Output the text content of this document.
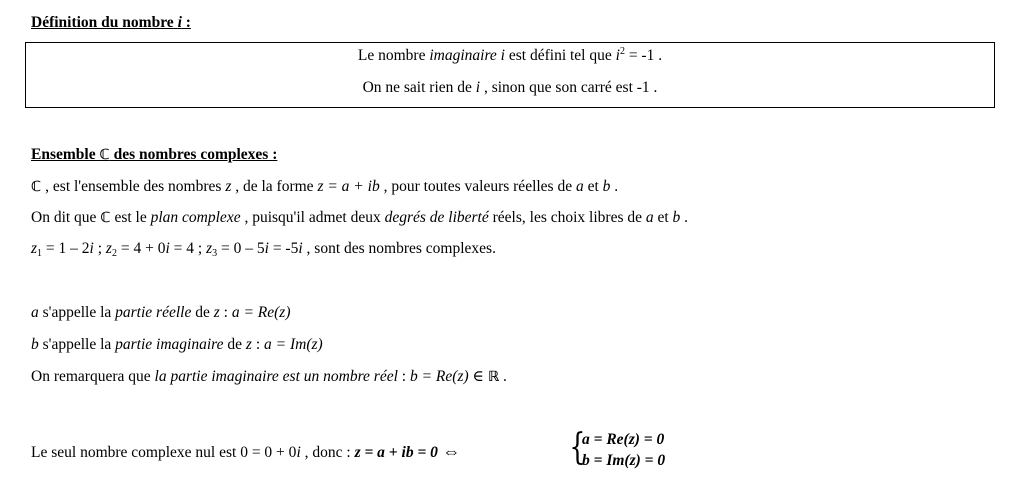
Définition du nombre i :
Le nombre imaginaire i est défini tel que $i^2 = -1$ .
On ne sait rien de i , sinon que son carré est -1 .
Ensemble ℂ des nombres complexes :
ℂ , est l'ensemble des nombres z , de la forme z = a + ib , pour toutes valeurs réelles de a et b .
On dit que ℂ est le plan complexe , puisqu'il admet deux degrés de liberté réels, les choix libres de a et b .
$z_1 = 1 - 2i$ ; $z_2 = 4 + 0i = 4$ ; $z_3 = 0 - 5i = -5i$ , sont des nombres complexes.
a s'appelle la partie réelle de z : a = Re(z)
b s'appelle la partie imaginaire de z : a = Im(z)
On remarquera que la partie imaginaire est un nombre réel : b = Re(z) ∈ ℝ .
Le seul nombre complexe nul est 0 = 0 + 0i , donc : z = a + ib = 0 ⇔	{
a = Re(z) = 0
b = Im(z) = 0
